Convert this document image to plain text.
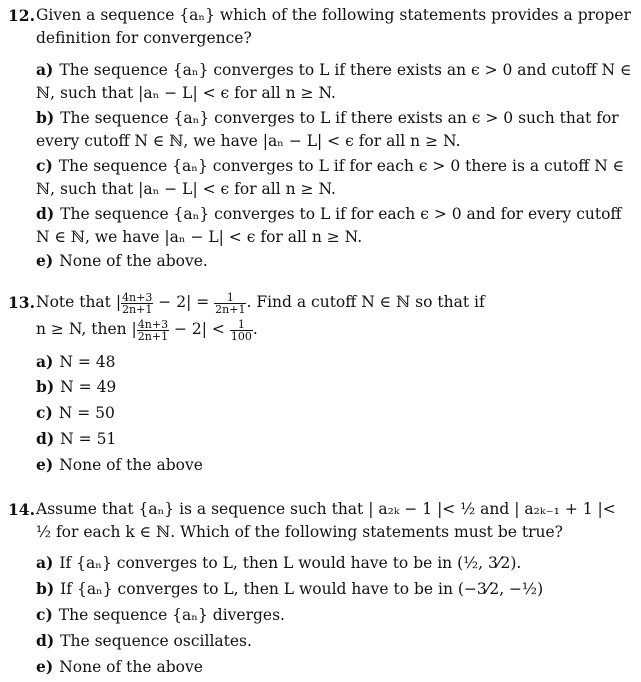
12. Given a sequence {aₙ} which of the following statements provides a proper definition for convergence?
a) The sequence {aₙ} converges to L if there exists an ϵ > 0 and cutoff N ∈ ℕ, such that |aₙ − L| < ϵ for all n ≥ N.
b) The sequence {aₙ} converges to L if there exists an ϵ > 0 such that for every cutoff N ∈ ℕ, we have |aₙ − L| < ϵ for all n ≥ N.
c) The sequence {aₙ} converges to L if for each ϵ > 0 there is a cutoff N ∈ ℕ, such that |aₙ − L| < ϵ for all n ≥ N.
d) The sequence {aₙ} converges to L if for each ϵ > 0 and for every cutoff N ∈ ℕ, we have |aₙ − L| < ϵ for all n ≥ N.
e) None of the above.
13. Note that | $\frac{4n+3}{2n+1} - 2| = \frac{1}{2n+1}$ . Find a cutoff N ∈ ℕ so that if
n ≥ N, then | $\frac{4n+3}{2n+1} - 2| < \frac{1}{100}$ .
a) N = 48
b) N = 49
c) N = 50
d) N = 51
e) None of the above
14. Assume that {aₙ} is a sequence such that | a₂ₖ − 1 |< ½ and | a₂ₖ₋₁ + 1 |< ½ for each k ∈ ℕ. Which of the following statements must be true?
a) If {aₙ} converges to L, then L would have to be in (½, 3⁄2).
b) If {aₙ} converges to L, then L would have to be in (−3⁄2, −½)
c) The sequence {aₙ} diverges.
d) The sequence oscillates.
e) None of the above
